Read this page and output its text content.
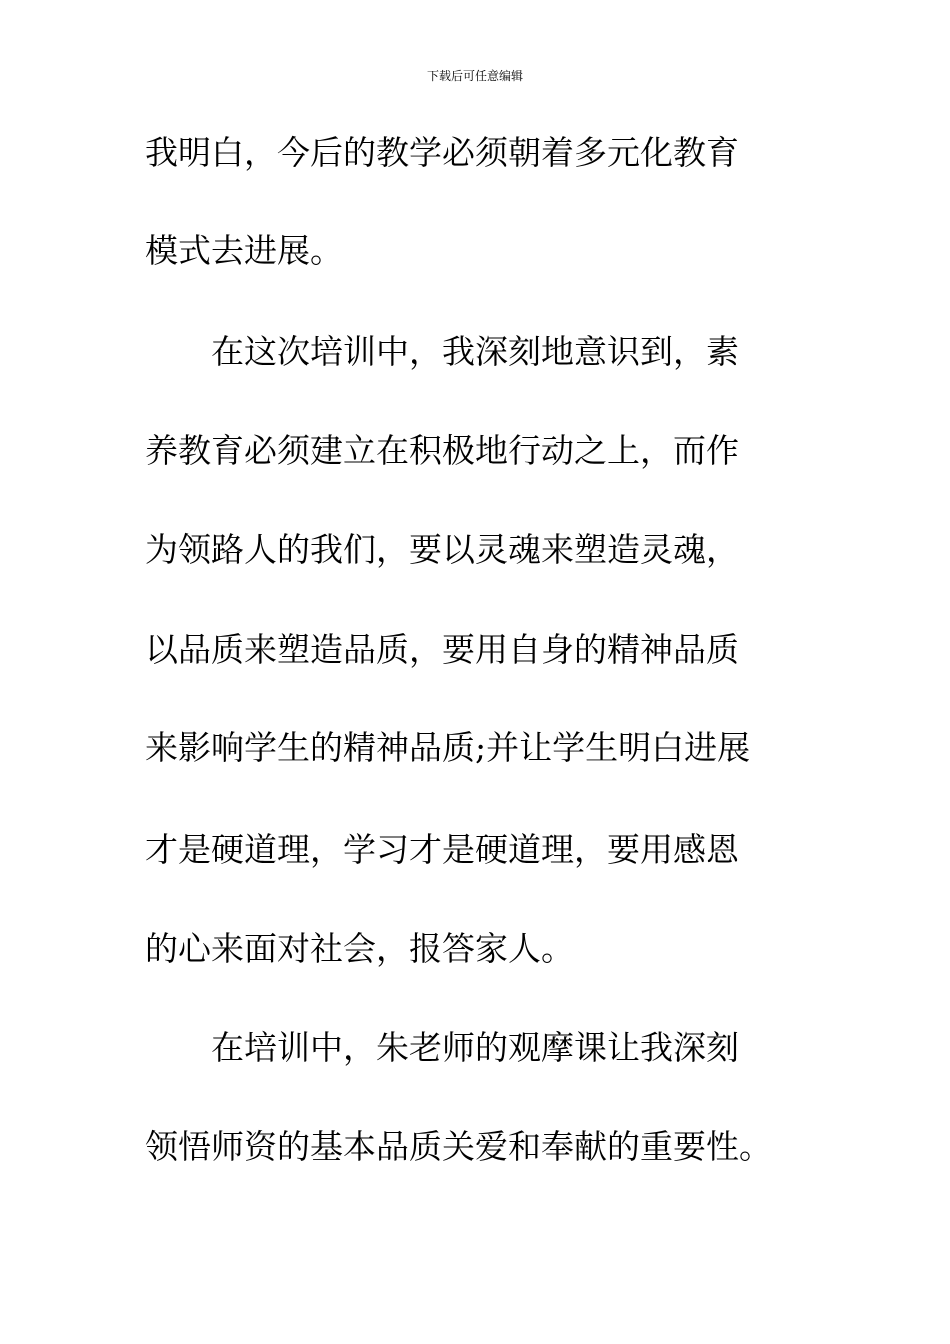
下载后可任意编辑
我明白，今后的教学必须朝着多元化教育
模式去进展。
　　在这次培训中，我深刻地意识到，素
养教育必须建立在积极地行动之上，而作
为领路人的我们，要以灵魂来塑造灵魂，
以品质来塑造品质，要用自身的精神品质
来影响学生的精神品质;并让学生明白进展
才是硬道理，学习才是硬道理，要用感恩
的心来面对社会，报答家人。
　　在培训中，朱老师的观摩课让我深刻
领悟师资的基本品质关爱和奉献的重要性。
